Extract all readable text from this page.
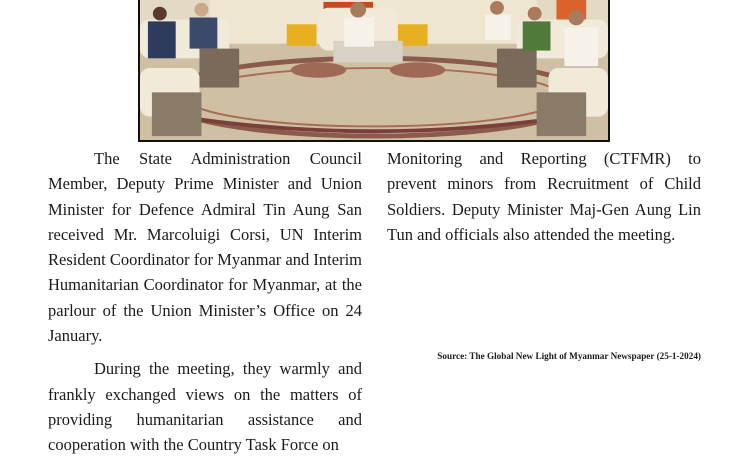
The State Administration Council Member, Deputy Prime Minister and Union Minister for Defence Admiral Tin Aung San received Mr. Marcoluigi Corsi, UN Interim Resident Coordinator for Myanmar and Interim Humanitarian Coordinator for Myanmar, at the parlour of the Union Minister’s Office on 24 January.

During the meeting, they warmly and frankly exchanged views on the matters of providing humanitarian assistance and cooperation with the Country Task Force on

Monitoring and Reporting (CTFMR) to prevent minors from Recruitment of Child Soldiers. Deputy Minister Maj-Gen Aung Lin Tun and officials also attended the meeting.

Source: The Global New Light of Myanmar Newspaper (25-1-2024)
